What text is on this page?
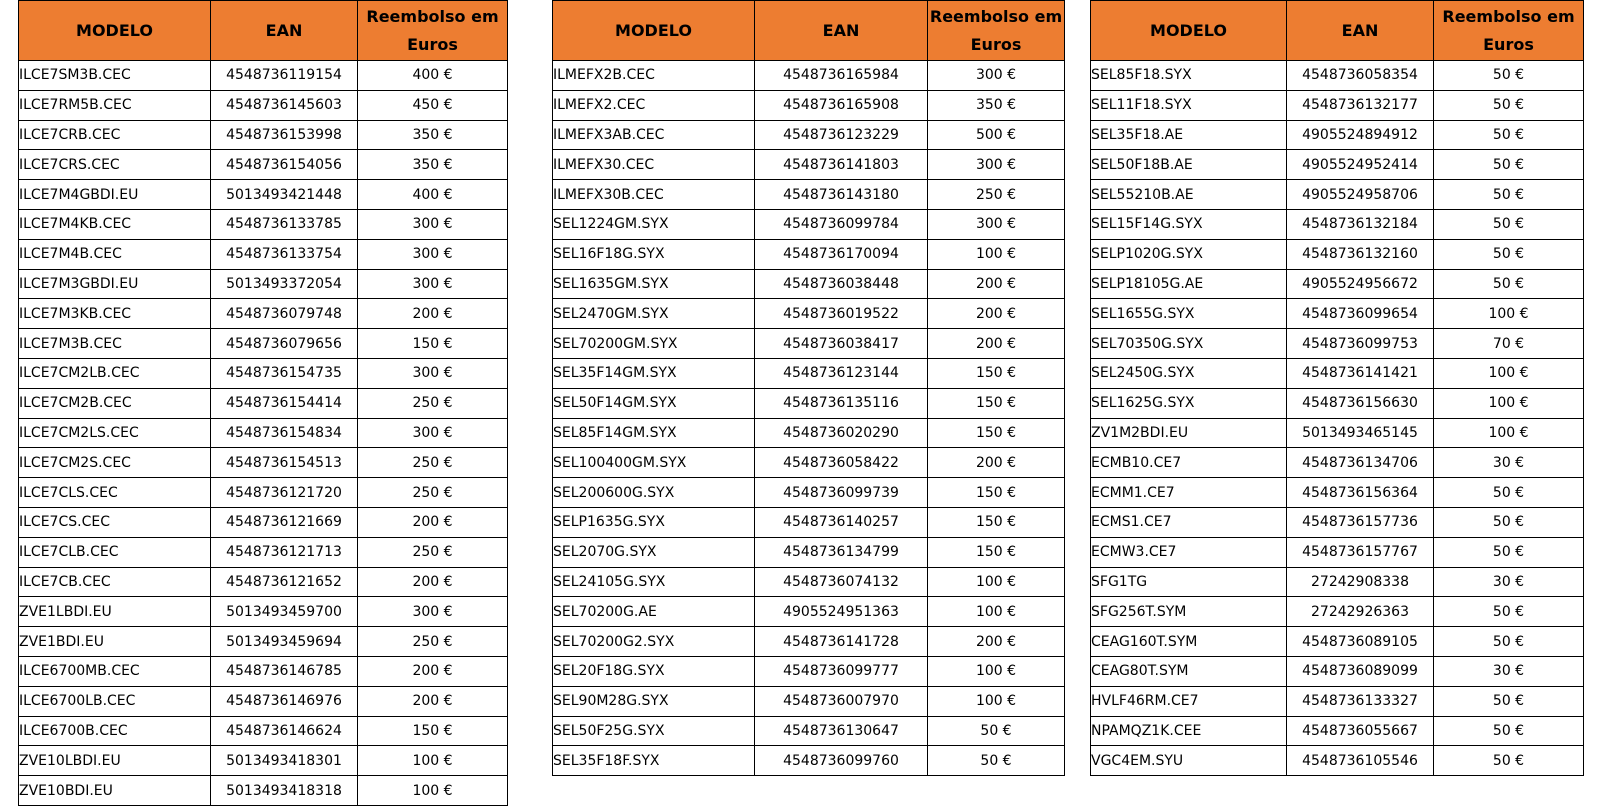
MODELO	EAN	Reembolso em Euros
ILCE7SM3B.CEC	4548736119154	400 €
ILCE7RM5B.CEC	4548736145603	450 €
ILCE7CRB.CEC	4548736153998	350 €
ILCE7CRS.CEC	4548736154056	350 €
ILCE7M4GBDI.EU	5013493421448	400 €
ILCE7M4KB.CEC	4548736133785	300 €
ILCE7M4B.CEC	4548736133754	300 €
ILCE7M3GBDI.EU	5013493372054	300 €
ILCE7M3KB.CEC	4548736079748	200 €
ILCE7M3B.CEC	4548736079656	150 €
ILCE7CM2LB.CEC	4548736154735	300 €
ILCE7CM2B.CEC	4548736154414	250 €
ILCE7CM2LS.CEC	4548736154834	300 €
ILCE7CM2S.CEC	4548736154513	250 €
ILCE7CLS.CEC	4548736121720	250 €
ILCE7CS.CEC	4548736121669	200 €
ILCE7CLB.CEC	4548736121713	250 €
ILCE7CB.CEC	4548736121652	200 €
ZVE1LBDI.EU	5013493459700	300 €
ZVE1BDI.EU	5013493459694	250 €
ILCE6700MB.CEC	4548736146785	200 €
ILCE6700LB.CEC	4548736146976	200 €
ILCE6700B.CEC	4548736146624	150 €
ZVE10LBDI.EU	5013493418301	100 €
ZVE10BDI.EU	5013493418318	100 €
MODELO	EAN	Reembolso em Euros
ILMEFX2B.CEC	4548736165984	300 €
ILMEFX2.CEC	4548736165908	350 €
ILMEFX3AB.CEC	4548736123229	500 €
ILMEFX30.CEC	4548736141803	300 €
ILMEFX30B.CEC	4548736143180	250 €
SEL1224GM.SYX	4548736099784	300 €
SEL16F18G.SYX	4548736170094	100 €
SEL1635GM.SYX	4548736038448	200 €
SEL2470GM.SYX	4548736019522	200 €
SEL70200GM.SYX	4548736038417	200 €
SEL35F14GM.SYX	4548736123144	150 €
SEL50F14GM.SYX	4548736135116	150 €
SEL85F14GM.SYX	4548736020290	150 €
SEL100400GM.SYX	4548736058422	200 €
SEL200600G.SYX	4548736099739	150 €
SELP1635G.SYX	4548736140257	150 €
SEL2070G.SYX	4548736134799	150 €
SEL24105G.SYX	4548736074132	100 €
SEL70200G.AE	4905524951363	100 €
SEL70200G2.SYX	4548736141728	200 €
SEL20F18G.SYX	4548736099777	100 €
SEL90M28G.SYX	4548736007970	100 €
SEL50F25G.SYX	4548736130647	50 €
SEL35F18F.SYX	4548736099760	50 €
MODELO	EAN	Reembolso em Euros
SEL85F18.SYX	4548736058354	50 €
SEL11F18.SYX	4548736132177	50 €
SEL35F18.AE	4905524894912	50 €
SEL50F18B.AE	4905524952414	50 €
SEL55210B.AE	4905524958706	50 €
SEL15F14G.SYX	4548736132184	50 €
SELP1020G.SYX	4548736132160	50 €
SELP18105G.AE	4905524956672	50 €
SEL1655G.SYX	4548736099654	100 €
SEL70350G.SYX	4548736099753	70 €
SEL2450G.SYX	4548736141421	100 €
SEL1625G.SYX	4548736156630	100 €
ZV1M2BDI.EU	5013493465145	100 €
ECMB10.CE7	4548736134706	30 €
ECMM1.CE7	4548736156364	50 €
ECMS1.CE7	4548736157736	50 €
ECMW3.CE7	4548736157767	50 €
SFG1TG	27242908338	30 €
SFG256T.SYM	27242926363	50 €
CEAG160T.SYM	4548736089105	50 €
CEAG80T.SYM	4548736089099	30 €
HVLF46RM.CE7	4548736133327	50 €
NPAMQZ1K.CEE	4548736055667	50 €
VGC4EM.SYU	4548736105546	50 €
